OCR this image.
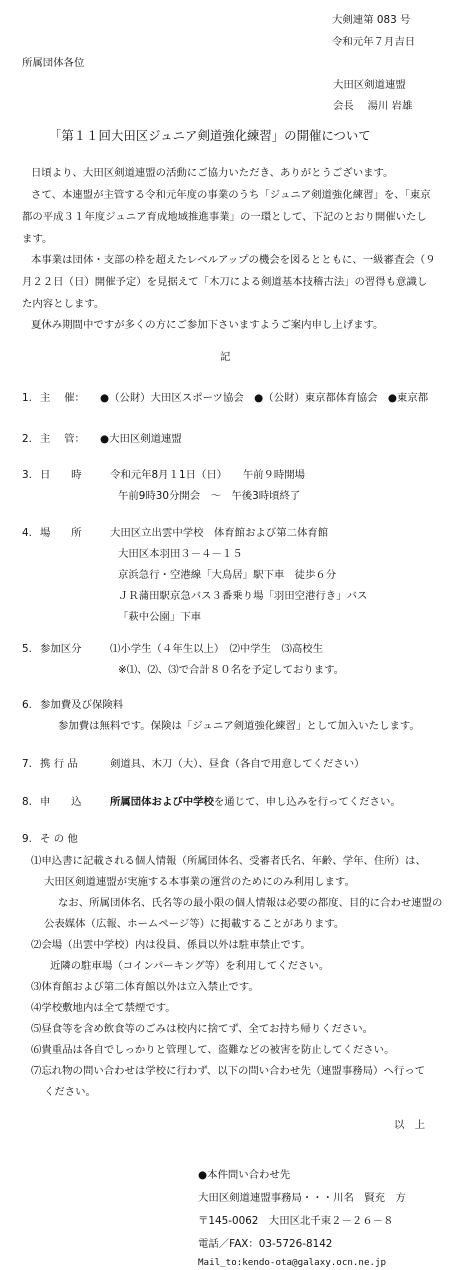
大剣連第 083 号
令和元年７月吉日
所属団体各位
大田区剣道連盟
会長　 湯川 岩雄
「第１１回大田区ジュニア剣道強化練習」の開催について
日頃より、大田区剣道連盟の活動にご協力いただき、ありがとうございます。
さて、本連盟が主管する令和元年度の事業のうち「ジュニア剣道強化練習」を、「東京
都の平成３１年度ジュニア育成地域推進事業」の一環として、下記のとおり開催いたし
ます。
本事業は団体・支部の枠を超えたレベルアップの機会を図るとともに、一級審査会（９
月２２日（日）開催予定）を見据えて「木刀による剣道基本技稽古法」の習得も意識し
た内容とします。
夏休み期間中ですが多くの方にご参加下さいますようご案内申し上げます。
記
1. 主　 催： ●（公財）大田区スポーツ協会　●（公財）東京都体育協会　●東京都
2. 主　 管： ●大田区剣道連盟
3. 日　　時	令和元年8月１1日（日）　　午前９時開場
午前9時30分開会　～　午後3時頃終了
4. 場　　所	大田区立出雲中学校　体育館および第二体育館
大田区本羽田３－４－１５
京浜急行・空港線「大鳥居」駅下車　徒歩６分
ＪＲ蒲田駅京急バス３番乗り場「羽田空港行き」バス
「萩中公園」下車
5. 参加区分	⑴小学生（４年生以上）　⑵中学生　⑶高校生
※⑴、⑵、⑶で合計８０名を予定しております。
6. 参加費及び保険料
参加費は無料です。保険は「ジュニア剣道強化練習」として加入いたします。
7. 携 行 品	剣道具、木刀（大）、昼食（各自で用意してください）
8. 申　　込	所属団体および中学校を通じて、申し込みを行ってください。
9. そ の 他
⑴申込書に記載される個人情報（所属団体名、受審者氏名、年齢、学年、住所）は、
大田区剣道連盟が実施する本事業の運営のためにのみ利用します。
なお、所属団体名、氏名等の最小限の個人情報は必要の都度、目的に合わせ連盟の
公表媒体（広報、ホームページ等）に掲載することがあります。
⑵会場（出雲中学校）内は役員、係員以外は駐車禁止です。
近隣の駐車場（コインパーキング等）を利用してください。
⑶体育館および第二体育館以外は立入禁止です。
⑷学校敷地内は全て禁煙です。
⑸昼食等を含め飲食等のごみは校内に捨てず、全てお持ち帰りください。
⑹貴重品は各自でしっかりと管理して、盗難などの被害を防止してください。
⑺忘れ物の問い合わせは学校に行わず、以下の問い合わせ先（連盟事務局）へ行って
ください。
以　上
●本件問い合わせ先
大田区剣道連盟事務局・・・川名　賢充　方
〒145-0062　大田区北千束２－２６－８
電話／FAX：03-5726-8142
Mail_to:kendo-ota@galaxy.ocn.ne.jp
